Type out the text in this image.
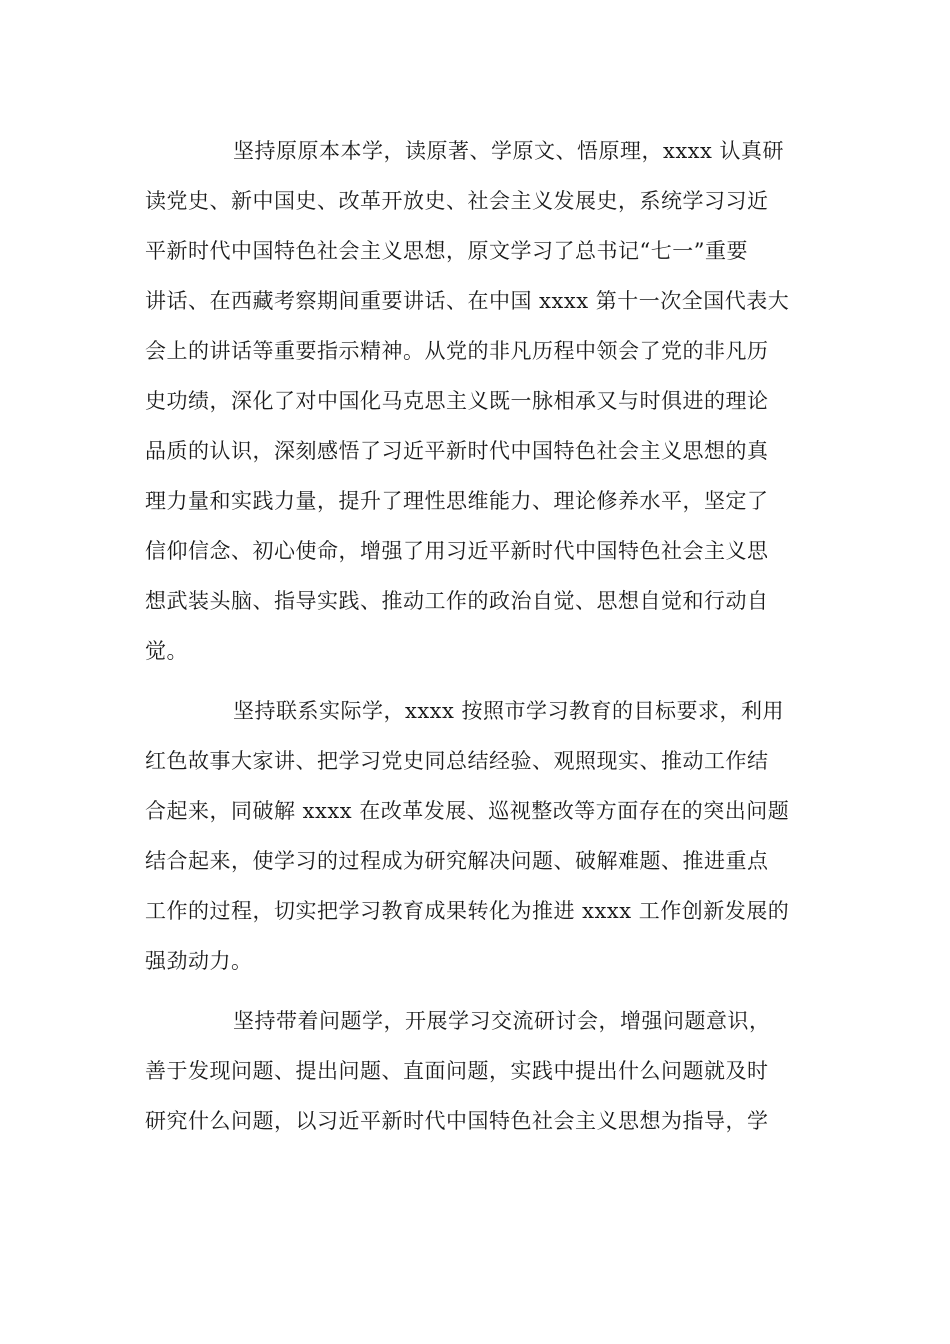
坚持原原本本学，读原著、学原文、悟原理，xxxx 认真研
读党史、新中国史、改革开放史、社会主义发展史，系统学习习近
平新时代中国特色社会主义思想，原文学习了总书记“七一”重要
讲话、在西藏考察期间重要讲话、在中国 xxxx 第十一次全国代表大
会上的讲话等重要指示精神。从党的非凡历程中领会了党的非凡历
史功绩，深化了对中国化马克思主义既一脉相承又与时俱进的理论
品质的认识，深刻感悟了习近平新时代中国特色社会主义思想的真
理力量和实践力量，提升了理性思维能力、理论修养水平，坚定了
信仰信念、初心使命，增强了用习近平新时代中国特色社会主义思
想武装头脑、指导实践、推动工作的政治自觉、思想自觉和行动自
觉。
坚持联系实际学，xxxx 按照市学习教育的目标要求，利用
红色故事大家讲、把学习党史同总结经验、观照现实、推动工作结
合起来，同破解 xxxx 在改革发展、巡视整改等方面存在的突出问题
结合起来，使学习的过程成为研究解决问题、破解难题、推进重点
工作的过程，切实把学习教育成果转化为推进 xxxx 工作创新发展的
强劲动力。
坚持带着问题学，开展学习交流研讨会，增强问题意识，
善于发现问题、提出问题、直面问题，实践中提出什么问题就及时
研究什么问题，以习近平新时代中国特色社会主义思想为指导，学
